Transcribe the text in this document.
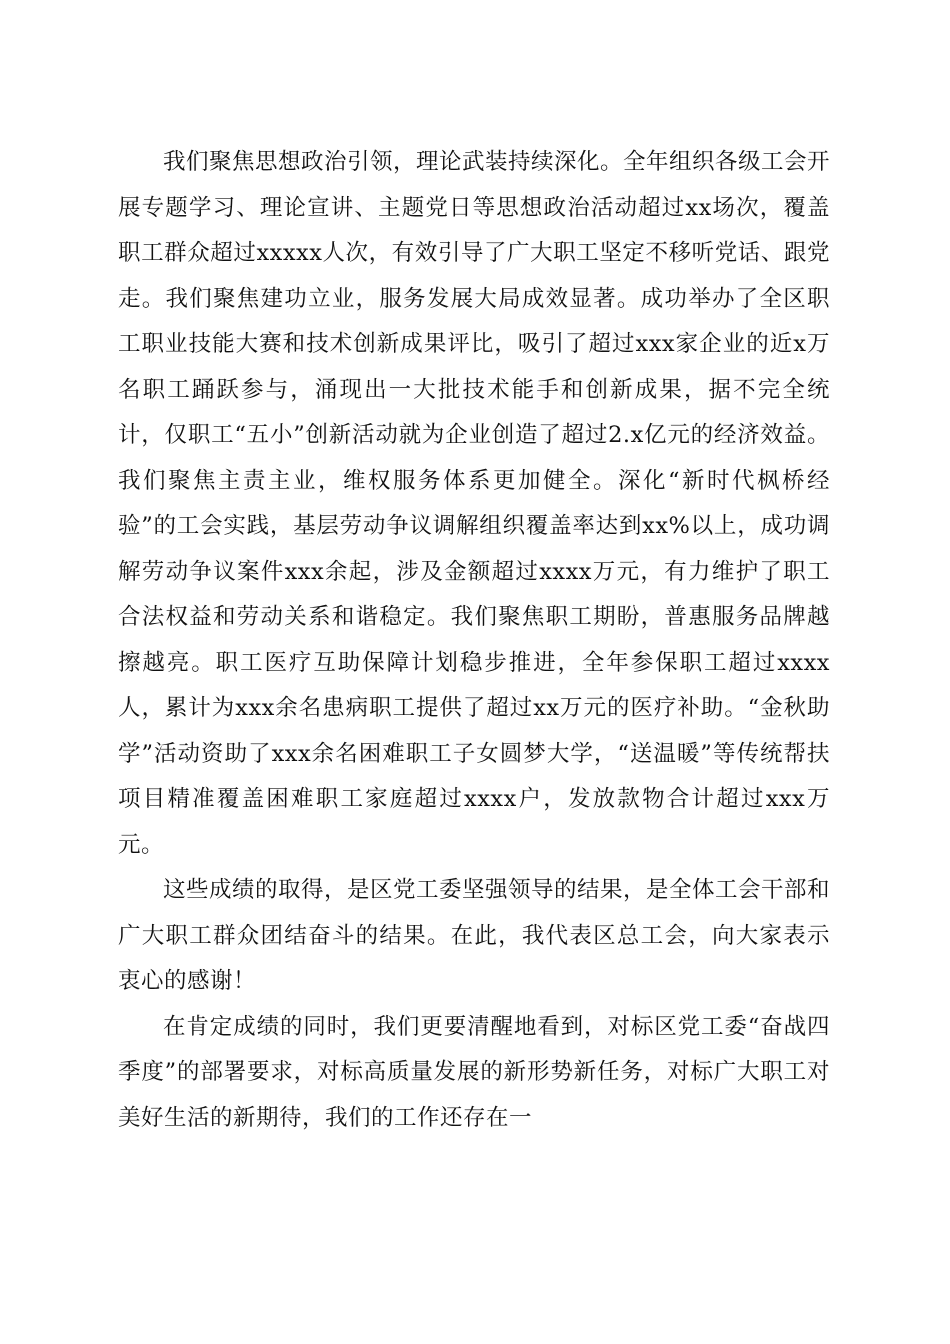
我们聚焦思想政治引领，理论武装持续深化。全年组织各级工会开展专题学习、理论宣讲、主题党日等思想政治活动超过xx场次，覆盖职工群众超过xxxxx人次，有效引导了广大职工坚定不移听党话、跟党走。我们聚焦建功立业，服务发展大局成效显著。成功举办了全区职工职业技能大赛和技术创新成果评比，吸引了超过xxx家企业的近x万名职工踊跃参与，涌现出一大批技术能手和创新成果，据不完全统计，仅职工“五小”创新活动就为企业创造了超过2.x亿元的经济效益。我们聚焦主责主业，维权服务体系更加健全。深化“新时代枫桥经验”的工会实践，基层劳动争议调解组织覆盖率达到xx%以上，成功调解劳动争议案件xxx余起，涉及金额超过xxxx万元，有力维护了职工合法权益和劳动关系和谐稳定。我们聚焦职工期盼，普惠服务品牌越擦越亮。职工医疗互助保障计划稳步推进，全年参保职工超过xxxx人，累计为xxx余名患病职工提供了超过xx万元的医疗补助。“金秋助学”活动资助了xxx余名困难职工子女圆梦大学，“送温暖”等传统帮扶项目精准覆盖困难职工家庭超过xxxx户，发放款物合计超过xxx万元。

这些成绩的取得，是区党工委坚强领导的结果，是全体工会干部和广大职工群众团结奋斗的结果。在此，我代表区总工会，向大家表示衷心的感谢！

在肯定成绩的同时，我们更要清醒地看到，对标区党工委“奋战四季度”的部署要求，对标高质量发展的新形势新任务，对标广大职工对美好生活的新期待，我们的工作还存在一
